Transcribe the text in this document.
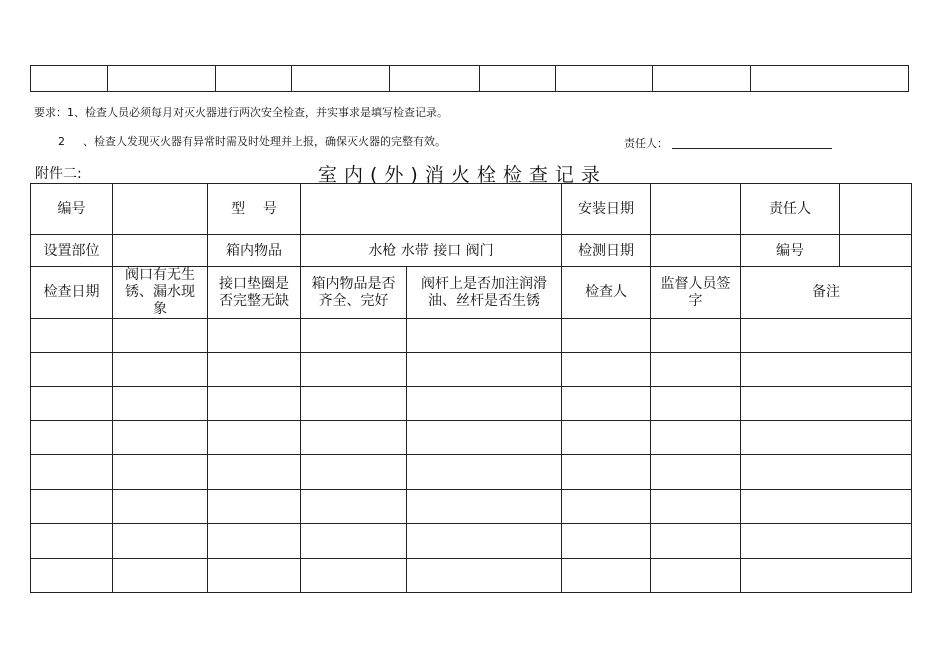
要求：1、检查人员必须每月对灭火器进行两次安全检查，并实事求是填写检查记录。
2 、检查人发现灭火器有异常时需及时处理并上报，确保灭火器的完整有效。	责任人：
附件二:	室内(外)消火栓检查记录
编号		型    号			安装日期		责任人	
设置部位		箱内物品	水枪 水带 接口 阀门		检测日期		编号	
检查日期	阀口有无生锈、漏水现象	接口垫圈是否完整无缺	箱内物品是否齐全、完好	阀杆上是否加注润滑油、丝杆是否生锈	检查人	监督人员签字	备注	
